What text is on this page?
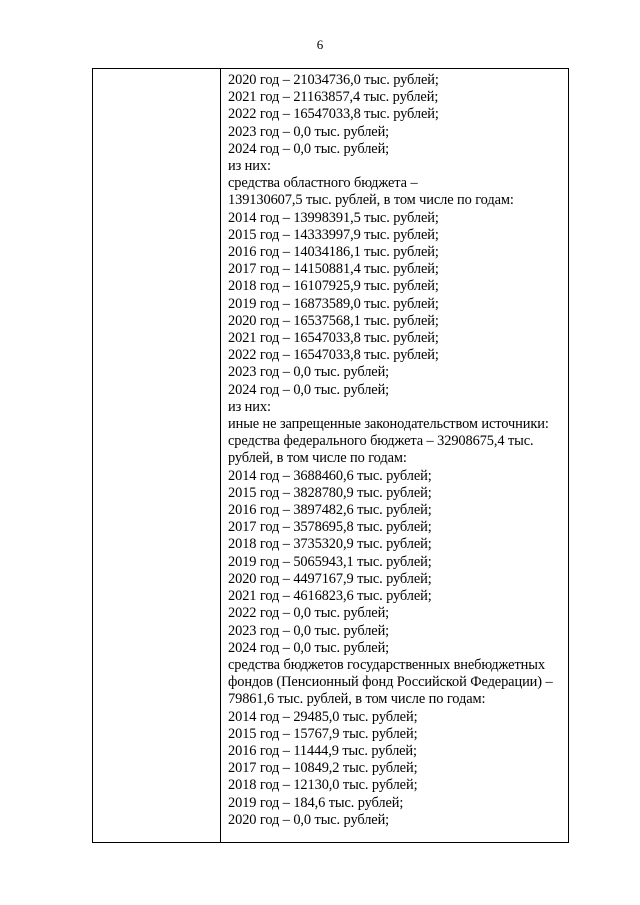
6
2020 год – 21034736,0 тыс. рублей;
2021 год – 21163857,4 тыс. рублей;
2022 год – 16547033,8 тыс. рублей;
2023 год – 0,0 тыс. рублей;
2024 год – 0,0 тыс. рублей;
из них:
средства областного бюджета –
139130607,5 тыс. рублей, в том числе по годам:
2014 год – 13998391,5 тыс. рублей;
2015 год – 14333997,9 тыс. рублей;
2016 год – 14034186,1 тыс. рублей;
2017 год – 14150881,4 тыс. рублей;
2018 год – 16107925,9 тыс. рублей;
2019 год – 16873589,0 тыс. рублей;
2020 год – 16537568,1 тыс. рублей;
2021 год – 16547033,8 тыс. рублей;
2022 год – 16547033,8 тыс. рублей;
2023 год – 0,0 тыс. рублей;
2024 год – 0,0 тыс. рублей;
из них:
иные не запрещенные законодательством источники:
средства федерального бюджета – 32908675,4 тыс.
рублей, в том числе по годам:
2014 год – 3688460,6 тыс. рублей;
2015 год – 3828780,9 тыс. рублей;
2016 год – 3897482,6 тыс. рублей;
2017 год – 3578695,8 тыс. рублей;
2018 год – 3735320,9 тыс. рублей;
2019 год – 5065943,1 тыс. рублей;
2020 год – 4497167,9 тыс. рублей;
2021 год – 4616823,6 тыс. рублей;
2022 год – 0,0 тыс. рублей;
2023 год – 0,0 тыс. рублей;
2024 год – 0,0 тыс. рублей;
средства бюджетов государственных внебюджетных
фондов (Пенсионный фонд Российской Федерации) –
79861,6 тыс. рублей, в том числе по годам:
2014 год – 29485,0 тыс. рублей;
2015 год – 15767,9 тыс. рублей;
2016 год – 11444,9 тыс. рублей;
2017 год – 10849,2 тыс. рублей;
2018 год – 12130,0 тыс. рублей;
2019 год – 184,6 тыс. рублей;
2020 год – 0,0 тыс. рублей;
